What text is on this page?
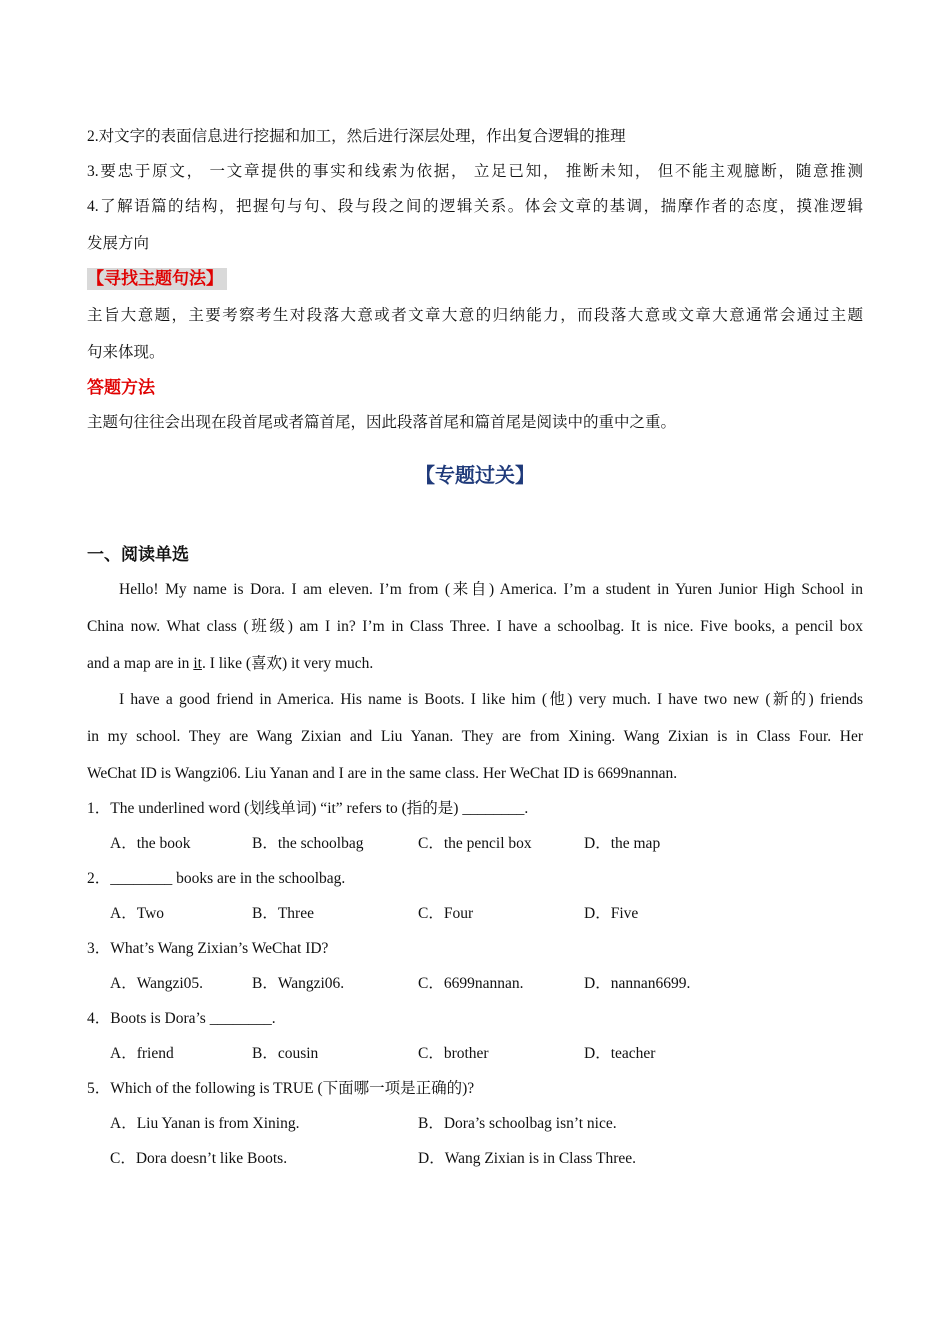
2.对文字的表面信息进行挖掘和加工，然后进行深层处理，作出复合逻辑的推理
3.要忠于原文， 一文章提供的事实和线索为依据， 立足已知， 推断未知， 但不能主观臆断，随意推测
4.了解语篇的结构，把握句与句、段与段之间的逻辑关系。体会文章的基调，揣摩作者的态度，摸准逻辑
发展方向
【寻找主题句法】
主旨大意题，主要考察考生对段落大意或者文章大意的归纳能力，而段落大意或文章大意通常会通过主题
句来体现。
答题方法
主题句往往会出现在段首尾或者篇首尾，因此段落首尾和篇首尾是阅读中的重中之重。
【专题过关】
一、阅读单选
Hello! My name is Dora. I am eleven. I’m from (来自) America. I’m a student in Yuren Junior High School in
China now. What class (班级) am I in? I’m in Class Three. I have a schoolbag. It is nice. Five books, a pencil box
and a map are in it. I like (喜欢) it very much.
I have a good friend in America. His name is Boots. I like him (他) very much. I have two new (新的) friends
in my school. They are Wang Zixian and Liu Yanan. They are from Xining. Wang Zixian is in Class Four. Her
WeChat ID is Wangzi06. Liu Yanan and I are in the same class. Her WeChat ID is 6699nannan.
1．The underlined word (划线单词) “it” refers to (指的是) ________.
A．the book	B．the schoolbag	C．the pencil box	D．the map
2．________ books are in the schoolbag.
A．Two	B．Three	C．Four	D．Five
3．What’s Wang Zixian’s WeChat ID?
A．Wangzi05.	B．Wangzi06.	C．6699nannan.	D．nannan6699.
4．Boots is Dora’s ________.
A．friend	B．cousin	C．brother	D．teacher
5．Which of the following is TRUE (下面哪一项是正确的)?
A．Liu Yanan is from Xining.	B．Dora’s schoolbag isn’t nice.
C．Dora doesn’t like Boots.	D．Wang Zixian is in Class Three.
